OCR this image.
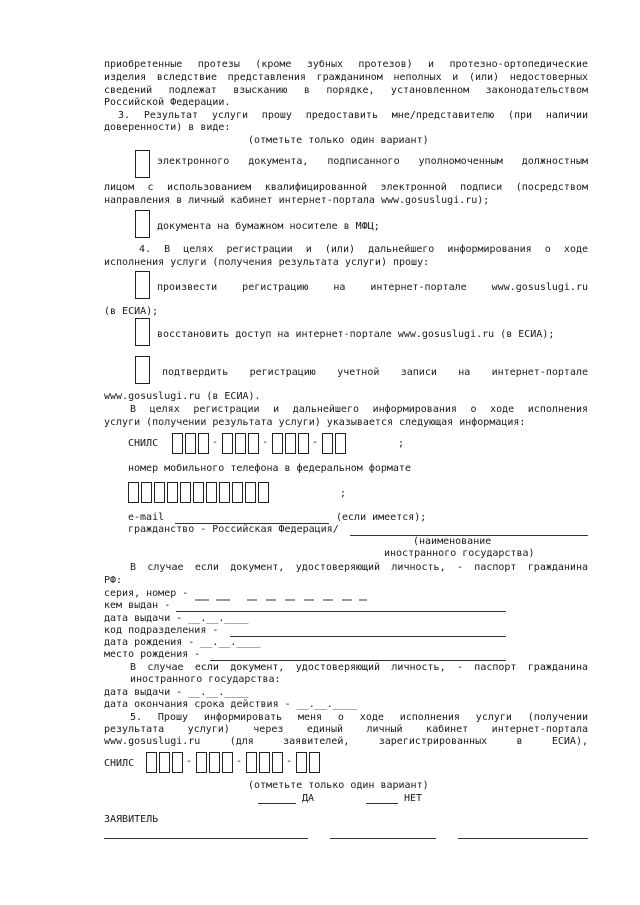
приобретенные протезы (кроме зубных протезов) и протезно-ортопедические
изделия вследствие представления гражданином неполных и (или) недостоверных
сведений подлежат взысканию в порядке, установленном законодательством
Российской Федерации.
3. Результат услуги прошу предоставить мне/представителю (при наличии
доверенности) в виде:
(отметьте только один вариант)
электронного документа, подписанного уполномоченным должностным
лицом с использованием квалифицированной электронной подписи (посредством
направления в личный кабинет интернет-портала www.gosuslugi.ru);
документа на бумажном носителе в МФЦ;
4. В целях регистрации и (или) дальнейшего информирования о ходе
исполнения услуги (получения результата услуги) прошу:
произвести регистрацию на интернет-портале www.gosuslugi.ru
(в ЕСИА);
восстановить доступ на интернет-портале www.gosuslugi.ru (в ЕСИА);
подтвердить регистрацию учетной записи на интернет-портале
www.gosuslugi.ru (в ЕСИА).
В целях регистрации и дальнейшего информирования о ходе исполнения
услуги (получении результата услуги) указывается следующая информация:
СНИЛС	-	-	-	;
номер мобильного телефона в федеральном формате
;
e-mail	(если имеется);
гражданство - Российская Федерация/
(наименование
иностранного государства)
В случае если документ, удостоверяющий личность, - паспорт гражданина
РФ:
серия, номер -
кем выдан -
дата выдачи - __.__.____
код подразделения -
дата рождения - __.__.____
место рождения -
В случае если документ, удостоверяющий личность, - паспорт гражданина
иностранного государства:
дата выдачи - __.__.____
дата окончания срока действия - __.__.____
5. Прошу информировать меня о ходе исполнения услуги (получении
результата услуги) через единый личный кабинет интернет-портала
www.gosuslugi.ru (для заявителей, зарегистрированных в ЕСИА),
СНИЛС	-	-	-
(отметьте только один вариант)
ДА	НЕТ
ЗАЯВИТЕЛЬ
